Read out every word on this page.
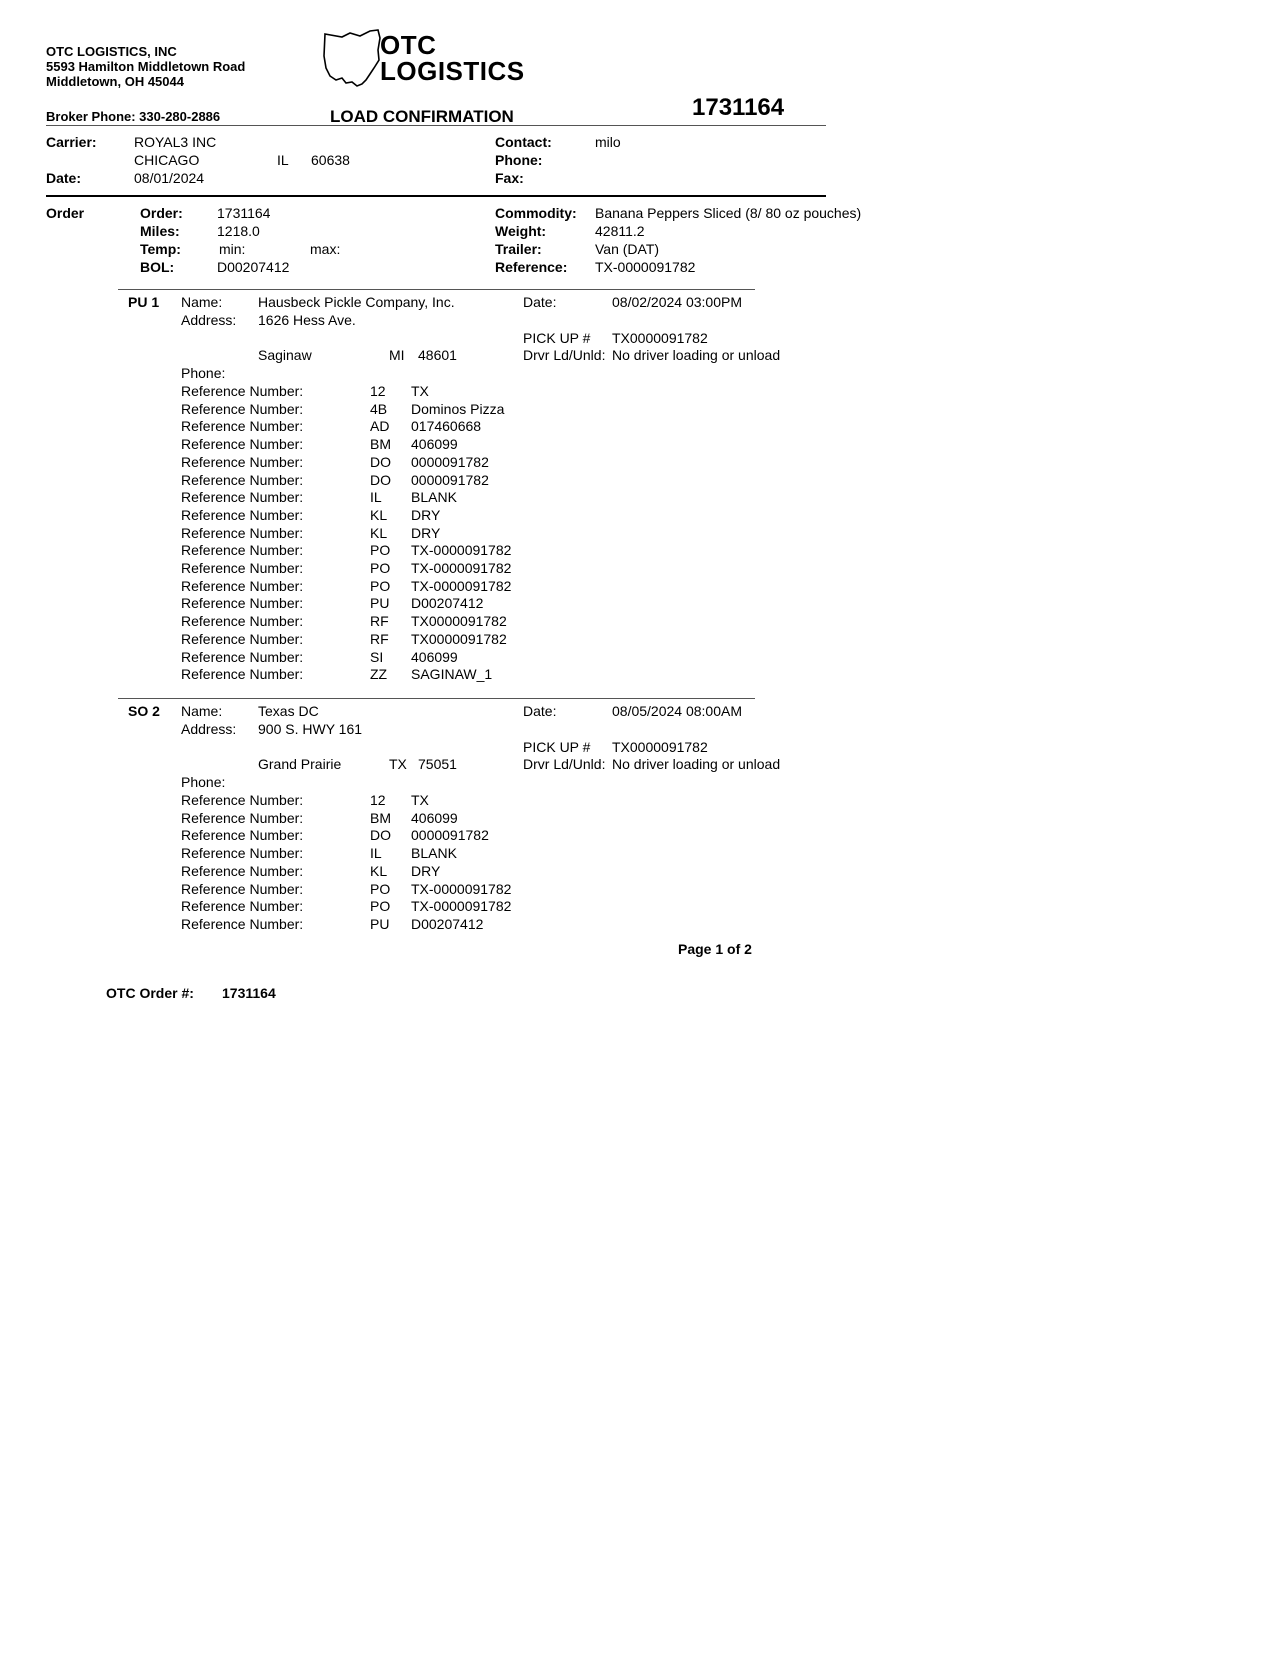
OTC LOGISTICS, INC
5593 Hamilton Middletown Road
Middletown, OH 45044
OTC
LOGISTICS
Broker Phone: 330-280-2886	LOAD CONFIRMATION	1731164
Carrier:	ROYAL3 INC
CHICAGO	IL 60638
Date:	08/01/2024
Contact:	milo
Phone:
Fax:
Order	Order: 1731164
Miles:	1218.0
Temp:	min:	max:
BOL:	D00207412
Commodity: Banana Peppers Sliced (8/ 80 oz pouches)
Weight:	42811.2
Trailer:	Van (DAT)
Reference: TX-0000091782
PU 1 Name:	Hausbeck Pickle Company, Inc.
Address: 1626 Hess Ave.
Saginaw	MI 48601
Phone:
Date:	08/02/2024 03:00PM
PICK UP # TX0000091782
Drvr Ld/Unld: No driver loading or unload
Reference Number:	12 TX
Reference Number:	4B Dominos Pizza
Reference Number:	AD 017460668
Reference Number:	BM 406099
Reference Number:	DO 0000091782
Reference Number:	DO 0000091782
Reference Number:	IL BLANK
Reference Number:	KL DRY
Reference Number:	KL DRY
Reference Number:	PO TX-0000091782
Reference Number:	PO TX-0000091782
Reference Number:	PO TX-0000091782
Reference Number:	PU D00207412
Reference Number:	RF TX0000091782
Reference Number:	RF TX0000091782
Reference Number:	SI 406099
Reference Number:	ZZ SAGINAW_1
SO 2 Name:	Texas DC
Address: 900 S. HWY 161
Grand Prairie	TX 75051
Phone:
Date:	08/05/2024 08:00AM
PICK UP # TX0000091782
Drvr Ld/Unld: No driver loading or unload
Reference Number:	12 TX
Reference Number:	BM 406099
Reference Number:	DO 0000091782
Reference Number:	IL BLANK
Reference Number:	KL DRY
Reference Number:	PO TX-0000091782
Reference Number:	PO TX-0000091782
Reference Number:	PU D00207412
Page 1 of 2
OTC Order #: 1731164
